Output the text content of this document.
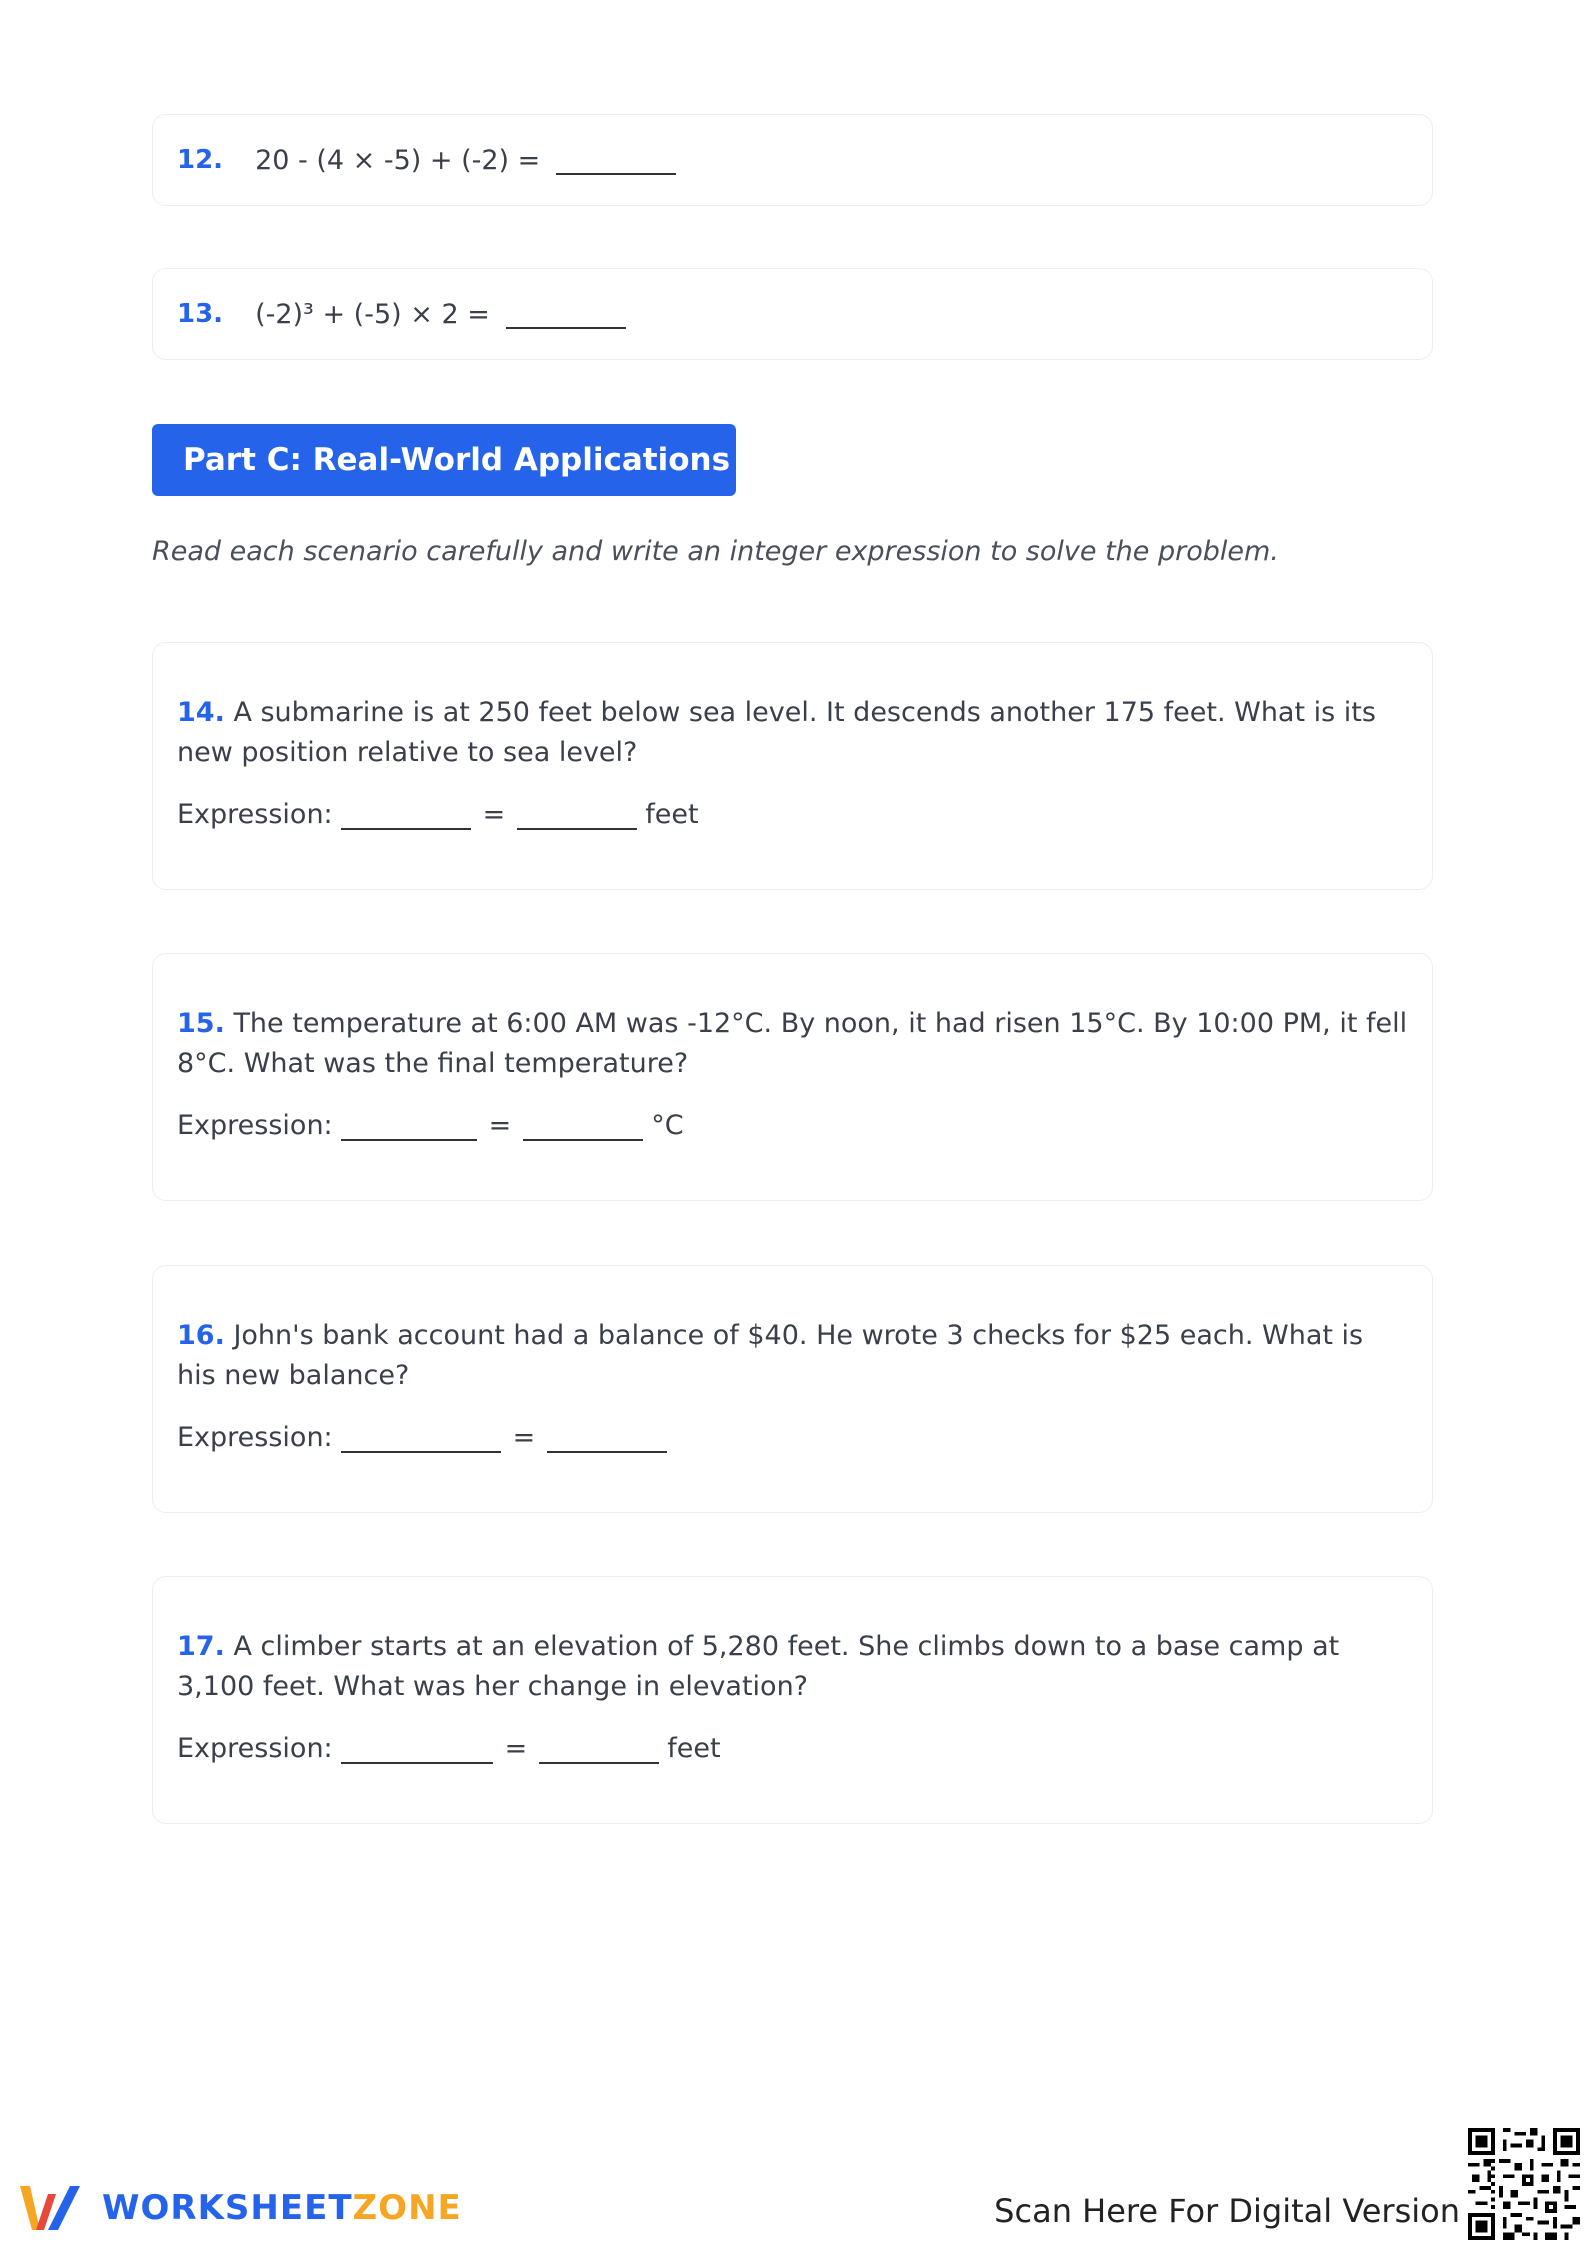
12. 20 - (4 × -5) + (-2) =
13. (-2)³ + (-5) × 2 =
Part C: Real-World Applications
Read each scenario carefully and write an integer expression to solve the problem.
14. A submarine is at 250 feet below sea level. It descends another 175 feet. What is its new position relative to sea level?
Expression:	=	feet
15. The temperature at 6:00 AM was -12°C. By noon, it had risen 15°C. By 10:00 PM, it fell 8°C. What was the final temperature?
Expression:	=	°C
16. John's bank account had a balance of $40. He wrote 3 checks for $25 each. What is his new balance?
Expression:	=
17. A climber starts at an elevation of 5,280 feet. She climbs down to a base camp at 3,100 feet. What was her change in elevation?
Expression:	=	feet
WORKSHEETZONE	Scan Here For Digital Version
